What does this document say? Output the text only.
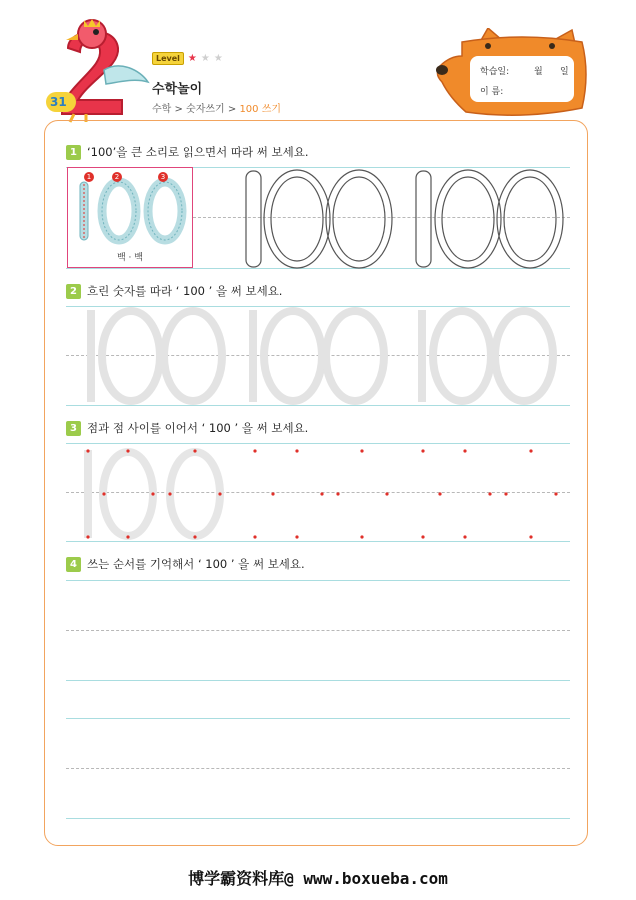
31
Level ★ ★ ★
수학놀이
수학 > 숫자쓰기 > 100 쓰기
학습일:	월 일
이 름:
1 ‘100’을 큰 소리로 읽으면서 따라 써 보세요.
2 흐린 숫자를 따라 ‘ 100 ’ 을 써 보세요.
3 점과 점 사이를 이어서 ‘ 100 ’ 을 써 보세요.
4 쓰는 순서를 기억해서 ‘ 100 ’ 을 써 보세요.
1	2	3
백 · 백
博学霸资料库@ www.boxueba.com
